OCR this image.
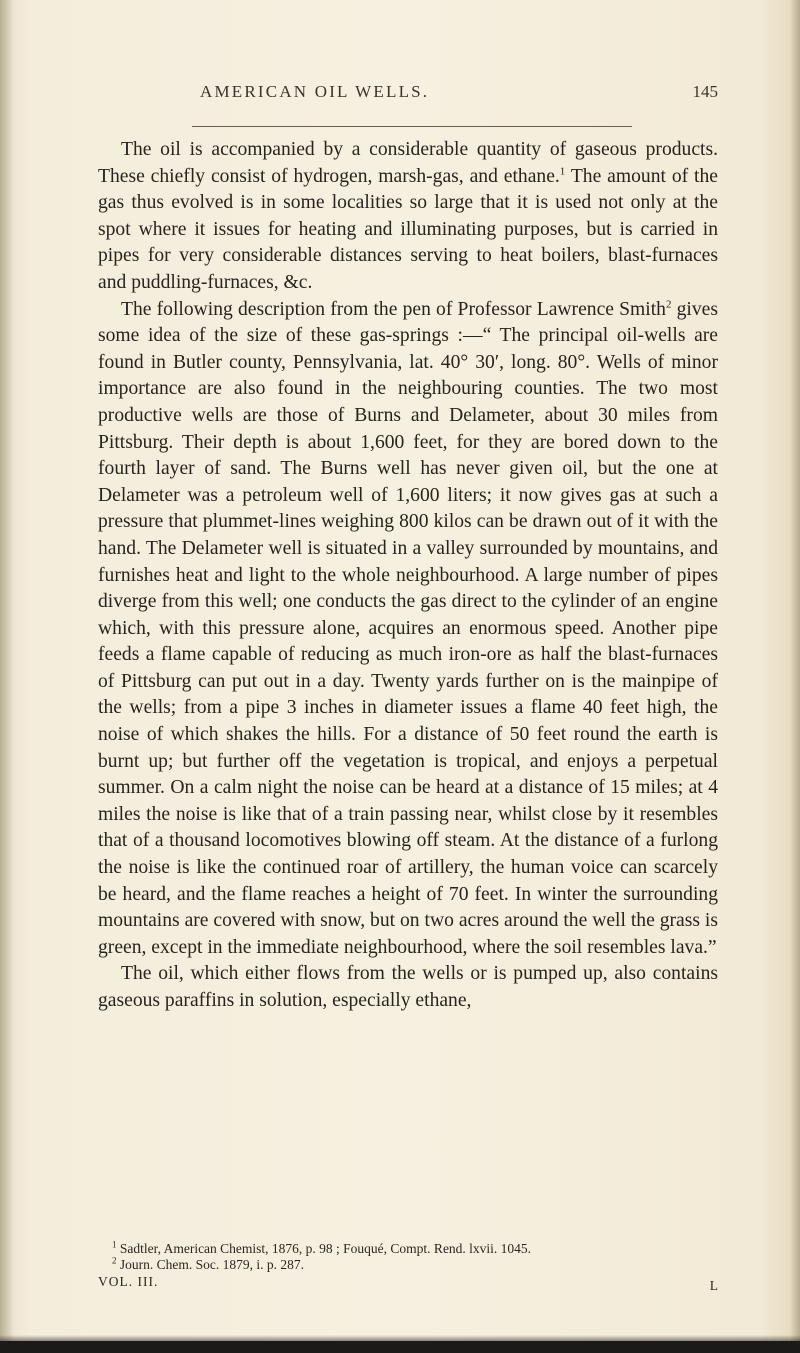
AMERICAN OIL WELLS.	145

The oil is accompanied by a considerable quantity of gaseous products. These chiefly consist of hydrogen, marsh-gas, and ethane.$^1$ The amount of the gas thus evolved is in some localities so large that it is used not only at the spot where it issues for heating and illuminating purposes, but is carried in pipes for very considerable distances serving to heat boilers, blast-furnaces and puddling-furnaces, &c.

The following description from the pen of Professor Lawrence Smith$^2$ gives some idea of the size of these gas-springs :—“ The principal oil-wells are found in Butler county, Pennsylvania, lat. 40° 30′, long. 80°. Wells of minor importance are also found in the neighbouring counties. The two most productive wells are those of Burns and Delameter, about 30 miles from Pittsburg. Their depth is about 1,600 feet, for they are bored down to the fourth layer of sand. The Burns well has never given oil, but the one at Delameter was a petroleum well of 1,600 liters; it now gives gas at such a pressure that plummet-lines weighing 800 kilos can be drawn out of it with the hand. The Delameter well is situated in a valley surrounded by mountains, and furnishes heat and light to the whole neighbourhood. A large number of pipes diverge from this well; one conducts the gas direct to the cylinder of an engine which, with this pressure alone, acquires an enormous speed. Another pipe feeds a flame capable of reducing as much iron-ore as half the blast-furnaces of Pittsburg can put out in a day. Twenty yards further on is the mainpipe of the wells; from a pipe 3 inches in diameter issues a flame 40 feet high, the noise of which shakes the hills. For a distance of 50 feet round the earth is burnt up; but further off the vegetation is tropical, and enjoys a perpetual summer. On a calm night the noise can be heard at a distance of 15 miles; at 4 miles the noise is like that of a train passing near, whilst close by it resembles that of a thousand locomotives blowing off steam. At the distance of a furlong the noise is like the continued roar of artillery, the human voice can scarcely be heard, and the flame reaches a height of 70 feet. In winter the surrounding mountains are covered with snow, but on two acres around the well the grass is green, except in the immediate neighbourhood, where the soil resembles lava.”

The oil, which either flows from the wells or is pumped up, also contains gaseous paraffins in solution, especially ethane,

$^1$ Sadtler, American Chemist, 1876, p. 98 ; Fouqué, Compt. Rend. lxvii. 1045.

$^2$ Journ. Chem. Soc. 1879, i. p. 287.

VOL. III.	L
